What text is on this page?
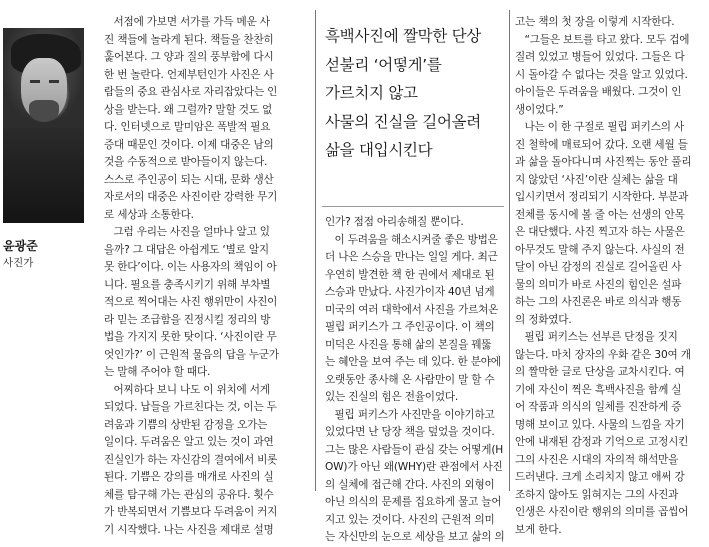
윤광준
사진가
서점에 가보면 서가를 가득 메운 사
진 책들에 놀라게 된다. 책들을 찬찬히
훑어본다. 그 양과 질의 풍부함에 다시
한 번 놀란다. 언제부턴인가 사진은 사
람들의 중요 관심사로 자리잡았다는 인
상을 받는다. 왜 그럴까? 말할 것도 없
다. 인터넷으로 말미암은 폭발적 필요
증대 때문인 것이다. 이제 대중은 남의
것을 수동적으로 받아들이지 않는다.
스스로 주인공이 되는 시대, 문화 생산
자로서의 대중은 사진이란 강력한 무기
로 세상과 소통한다.
그럼 우리는 사진을 얼마나 알고 있
을까? 그 대답은 아쉽게도 ‘별로 알지
못 한다’이다. 이는 사용자의 책임이 아
니다. 필요를 충족시키기 위해 부차별
적으로 찍어대는 사진 행위만이 사진이
라 믿는 조급함을 진정시킬 정리의 방
법을 가지지 못한 탓이다. ‘사진이란 무
엇인가?’ 이 근원적 물음의 답을 누군가
는 말해 주어야 할 때다.
어찌하다 보니 나도 이 위치에 서게
되었다. 납들을 가르친다는 것, 이는 두
려움과 기쁨의 상반된 감정을 오가는
일이다. 두려움은 알고 있는 것이 과연
진실인가 하는 자신감의 결여에서 비롯
된다. 기쁨은 강의를 매개로 사진의 실
체를 탐구해 가는 관심의 공유다. 횟수
가 반복되면서 기쁨보다 두려움이 커지
기 시작했다. 나는 사진을 제대로 설명
흑백사진에 짤막한 단상
섣불리 ‘어떻게’를
가르치지 않고
사물의 진실을 길어올려
삶을 대입시킨다
인가? 점점 아리송해질 뿐이다.
이 두려움을 해소시켜줄 좋은 방법은
더 나은 스승을 만나는 일일 게다. 최근
우연히 발견한 책 한 권에서 제대로 된
스승과 만났다. 사진가이자 40년 넘게
미국의 여러 대학에서 사진을 가르쳐온
필립 퍼키스가 그 주인공이다. 이 책의
미덕은 사진을 통해 삶의 본질을 꿰뚫
는 혜안을 보여 주는 데 있다. 한 분야에
오랫동안 종사해 온 사람만이 말 할 수
있는 진실의 힘은 전율이었다.
필립 퍼키스가 사진만을 이야기하고
있었다면 난 당장 책을 덮었을 것이다.
그는 많은 사람들이 관심 갖는 어떻게(H
OW)가 아닌 왜(WHY)란 관점에서 사진
의 실체에 접근해 간다. 사진의 외형이
아닌 의식의 문제를 집요하게 물고 늘어
지고 있는 것이다. 사진의 근원적 의미
는 자신만의 눈으로 세상을 보고 삶의 의
고는 책의 첫 장을 이렇게 시작한다.
“그들은 보트를 타고 왔다. 모두 겁에
질려 있었고 병들어 있었다. 그들은 다
시 돌아갈 수 없다는 것을 알고 있었다.
아이들은 두려움을 배웠다. 그것이 인
생이었다.”
나는 이 한 구절로 필립 퍼키스의 사
진 철학에 매료되어 갔다. 오랜 세월 들
과 삶을 돌아다니며 사진찍는 동안 풀리
지 않았던 ‘사진’이란 실체는 삶을 대
입시키면서 정리되기 시작한다. 부분과
전체를 동시에 볼 줄 아는 선생의 안목
은 대단했다. 사진 찍고자 하는 사물은
아무것도 말해 주지 않는다. 사실의 전
달이 아닌 감정의 진실로 길어올린 사
물의 의미가 바로 사진의 힘인은 설파
하는 그의 사진론은 바로 의식과 행동
의 정화였다.
필립 퍼키스는 선부른 단정을 짓지
않는다. 마치 장자의 우화 같은 30여 개
의 짤막한 글로 단상을 교차시킨다. 여
기에 자신이 찍은 흑백사진을 함께 실
어 작품과 의식의 일체를 진잔하게 증
명해 보이고 있다. 사물의 느낌을 자기
안에 내재된 감정과 기억으로 고정시킨
그의 사진은 시대의 자의적 해석만을
드러낸다. 크게 소리치지 않고 애써 강
조하지 않아도 읽혀지는 그의 사진과
인생은 사진이란 행위의 의미를 곱씹어
보게 한다.
